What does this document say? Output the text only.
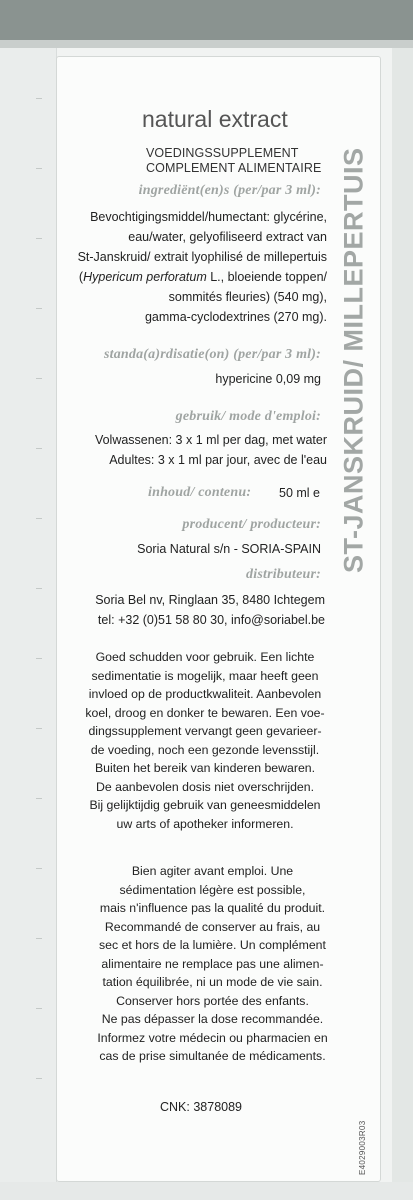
ST-JANSKRUID/ MILLEPERTUIS
natural extract
VOEDINGSSUPPLEMENT
COMPLEMENT ALIMENTAIRE
ingrediënt(en)s (per/par 3 ml):
Bevochtigingsmiddel/humectant: glycérine,
eau/water, gelyofiliseerd extract van
St-Janskruid/ extrait lyophilisé de millepertuis
(Hypericum perforatum L., bloeiende toppen/
sommités fleuries) (540 mg),
gamma-cyclodextrines (270 mg).
standa(a)rdisatie(on) (per/par 3 ml):
hypericine 0,09 mg
gebruik/ mode d'emploi:
Volwassenen: 3 x 1 ml per dag, met water
Adultes: 3 x 1 ml par jour, avec de l'eau
inhoud/ contenu: 50 ml e
producent/ producteur:
Soria Natural s/n - SORIA-SPAIN
distributeur:
Soria Bel nv, Ringlaan 35, 8480 Ichtegem
tel: +32 (0)51 58 80 30, info@soriabel.be
Goed schudden voor gebruik. Een lichte
sedimentatie is mogelijk, maar heeft geen
invloed op de productkwaliteit. Aanbevolen
koel, droog en donker te bewaren. Een voe-
dingssupplement vervangt geen gevarieer-
de voeding, noch een gezonde levensstijl.
Buiten het bereik van kinderen bewaren.
De aanbevolen dosis niet overschrijden.
Bij gelijktijdig gebruik van geneesmiddelen
uw arts of apotheker informeren.
Bien agiter avant emploi. Une
sédimentation légère est possible,
mais n'influence pas la qualité du produit.
Recommandé de conserver au frais, au
sec et hors de la lumière. Un complément
alimentaire ne remplace pas une alimen-
tation équilibrée, ni un mode de vie sain.
Conserver hors portée des enfants.
Ne pas dépasser la dose recommandée.
Informez votre médecin ou pharmacien en
cas de prise simultanée de médicaments.
CNK: 3878089
E4029003R03
